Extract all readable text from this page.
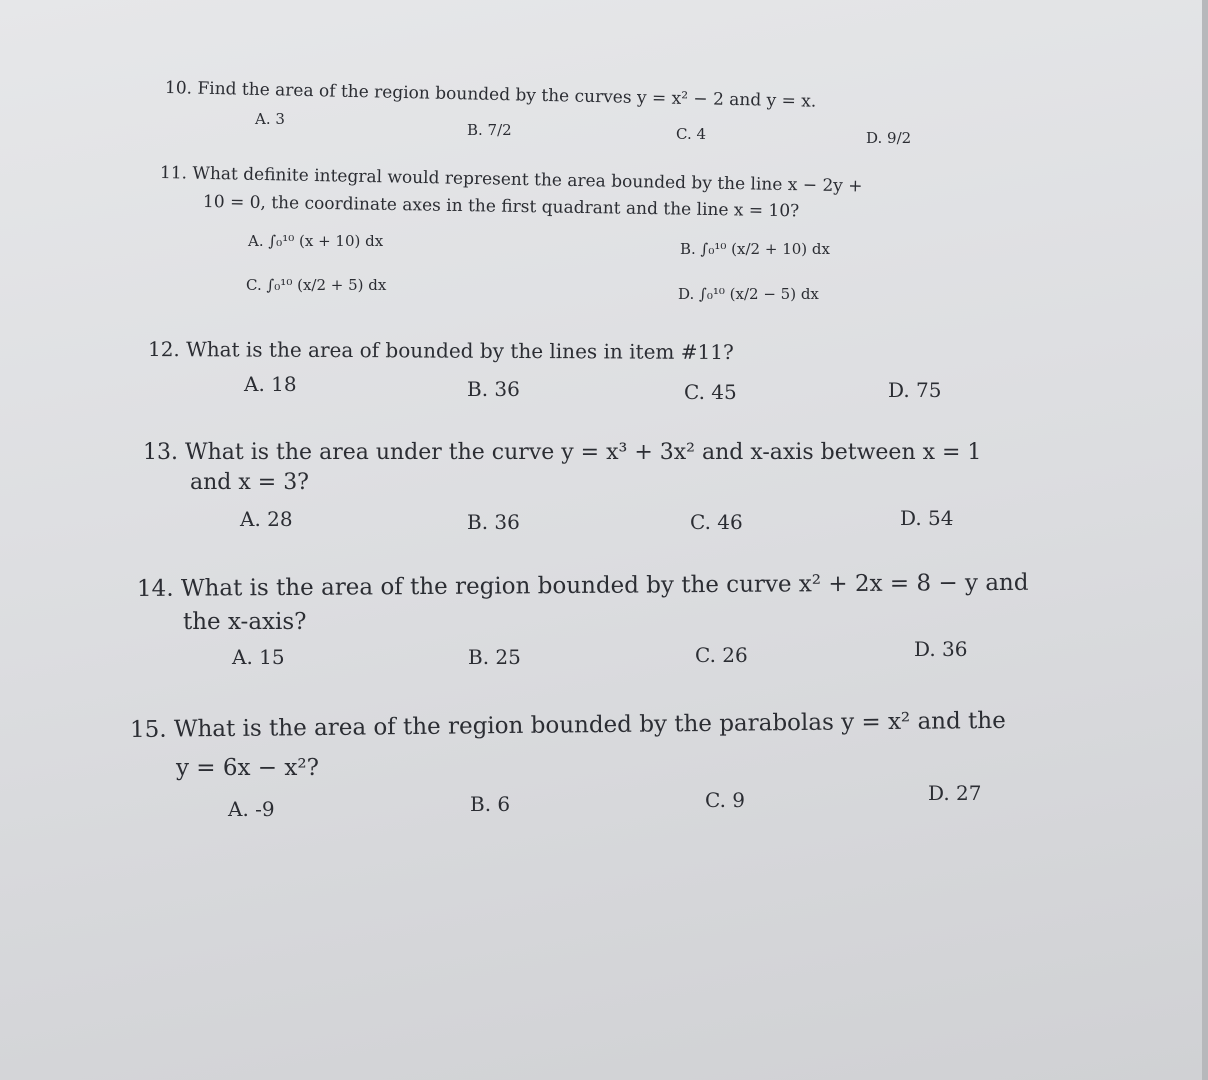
10. Find the area of the region bounded by the curves y = x² − 2 and y = x.
A. 3
B. 7/2	C. 4	D. 9/2
11. What definite integral would represent the area bounded by the line x − 2y +
10 = 0, the coordinate axes in the first quadrant and the line x = 10?
A. ∫₀¹⁰ (x + 10) dx	B. ∫₀¹⁰ (x/2 + 10) dx
C. ∫₀¹⁰ (x/2 + 5) dx	D. ∫₀¹⁰ (x/2 − 5) dx
12. What is the area of bounded by the lines in item #11?
A. 18	B. 36	C. 45	D. 75
13. What is the area under the curve y = x³ + 3x² and x-axis between x = 1
and x = 3?
A. 28	B. 36	C. 46	D. 54
14. What is the area of the region bounded by the curve x² + 2x = 8 − y and
the x-axis?
A. 15	B. 25	C. 26	D. 36
15. What is the area of the region bounded by the parabolas y = x² and the
y = 6x − x²?
A. -9	B. 6	C. 9	D. 27
